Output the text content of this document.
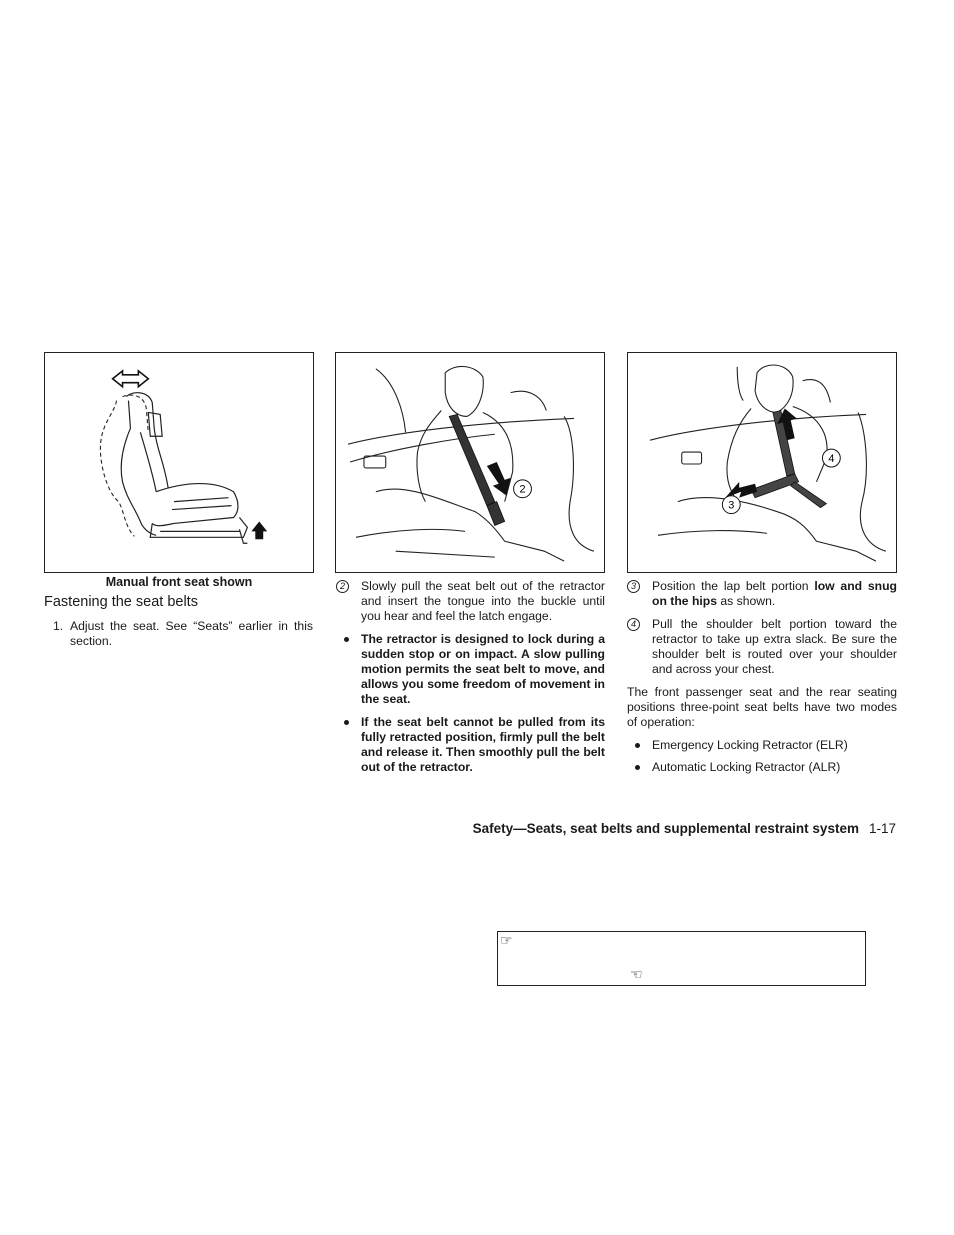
2
4
3
Manual front seat shown
Fastening the seat belts
1. Adjust the seat. See “Seats” earlier in this section.

2	Slowly pull the seat belt out of the retractor and insert the tongue into the buckle until you hear and feel the latch engage.

The retractor is designed to lock during a sudden stop or on impact. A slow pulling motion permits the seat belt to move, and allows you some freedom of movement in the seat.

If the seat belt cannot be pulled from its fully retracted position, firmly pull the belt and release it. Then smoothly pull the belt out of the retractor.

3	Position the lap belt portion low and snug on the hips as shown.

4	Pull the shoulder belt portion toward the retractor to take up extra slack. Be sure the shoulder belt is routed over your shoulder and across your chest.

The front passenger seat and the rear seating positions three-point seat belts have two modes of operation:

Emergency Locking Retractor (ELR)

Automatic Locking Retractor (ALR)

Safety—Seats, seat belts and supplemental restraint system 1-17
☞
☜
